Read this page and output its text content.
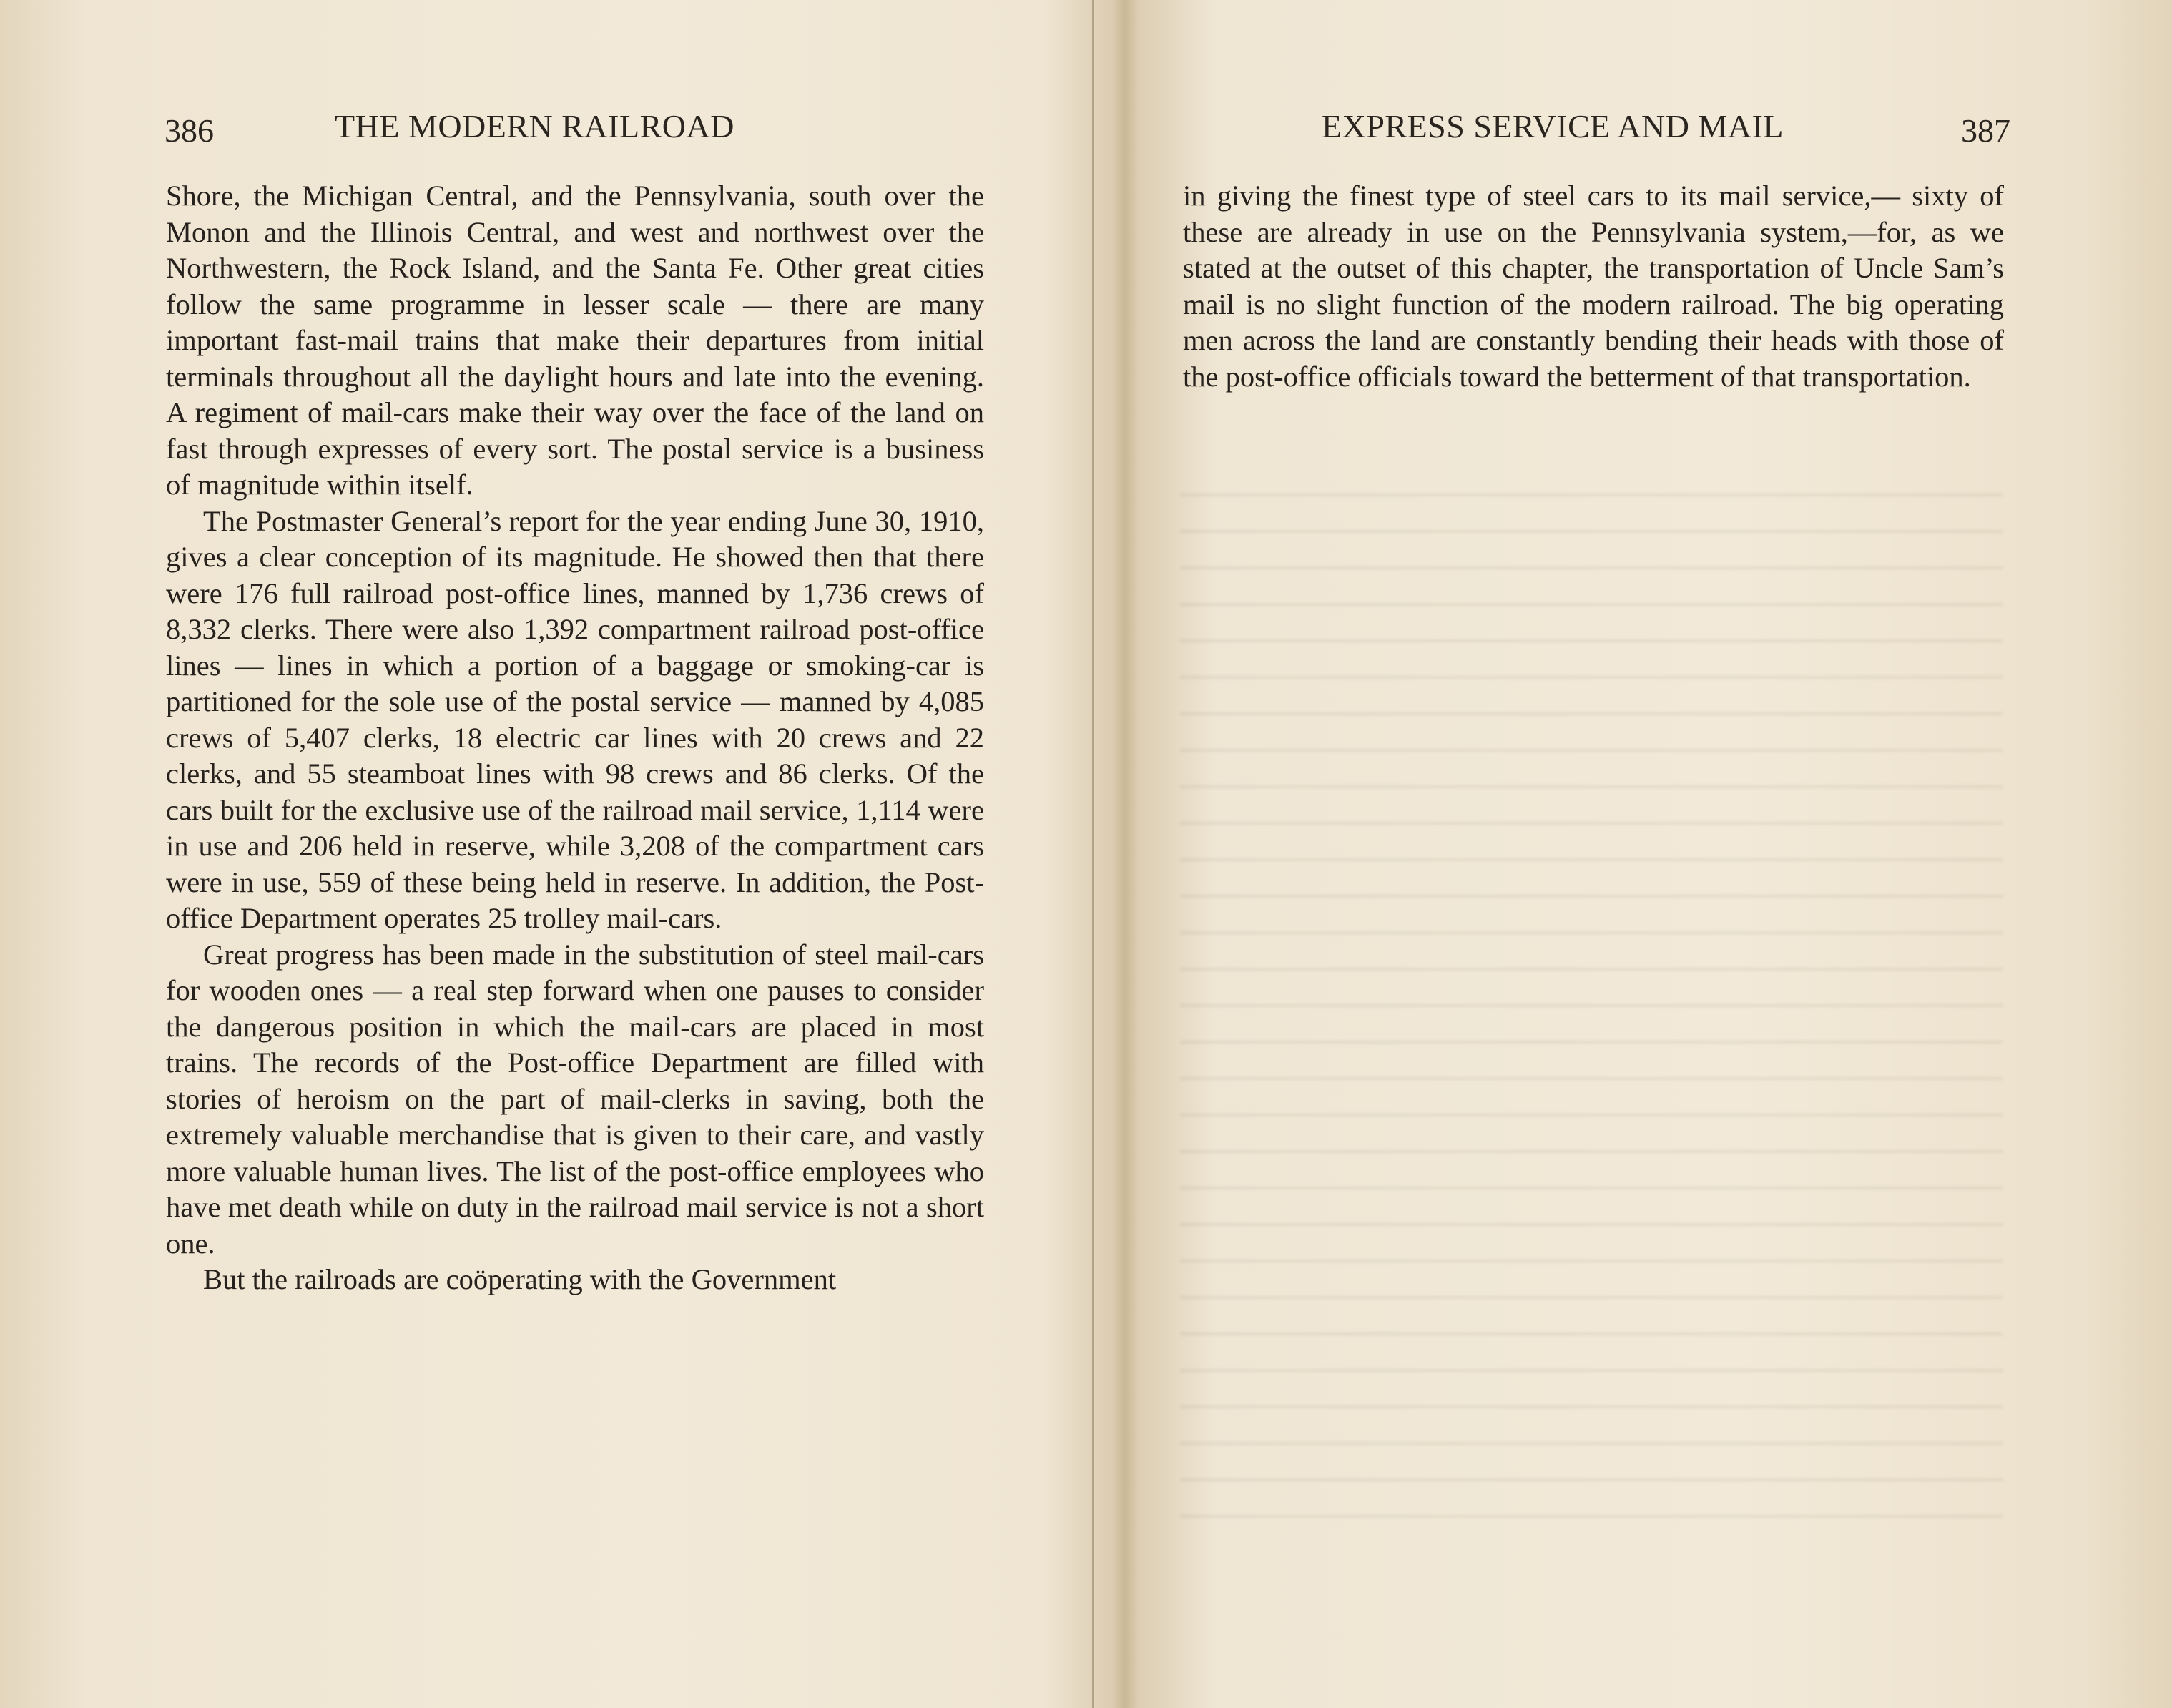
386	THE MODERN RAILROAD

Shore, the Michigan Central, and the Pennsylvania, south over the Monon and the Illinois Central, and west and northwest over the Northwestern, the Rock Island, and the Santa Fe. Other great cities follow the same programme in lesser scale — there are many important fast-mail trains that make their departures from initial terminals throughout all the daylight hours and late into the evening. A regiment of mail-cars make their way over the face of the land on fast through expresses of every sort. The postal service is a business of magnitude within itself.

The Postmaster General’s report for the year ending June 30, 1910, gives a clear conception of its magnitude. He showed then that there were 176 full railroad post-office lines, manned by 1,736 crews of 8,332 clerks. There were also 1,392 compartment railroad post-office lines — lines in which a portion of a baggage or smoking-car is partitioned for the sole use of the postal service — manned by 4,085 crews of 5,407 clerks, 18 electric car lines with 20 crews and 22 clerks, and 55 steamboat lines with 98 crews and 86 clerks. Of the cars built for the exclusive use of the railroad mail service, 1,114 were in use and 206 held in reserve, while 3,208 of the compartment cars were in use, 559 of these being held in reserve. In addition, the Post-office Department operates 25 trolley mail-cars.

Great progress has been made in the substitution of steel mail-cars for wooden ones — a real step forward when one pauses to consider the dangerous position in which the mail-cars are placed in most trains. The records of the Post-office Department are filled with stories of heroism on the part of mail-clerks in saving, both the extremely valuable merchandise that is given to their care, and vastly more valuable human lives. The list of the post-office employees who have met death while on duty in the railroad mail service is not a short one.

But the railroads are coöperating with the Government

EXPRESS SERVICE AND MAIL	387

in giving the finest type of steel cars to its mail service,— sixty of these are already in use on the Pennsylvania system,—for, as we stated at the outset of this chapter, the transportation of Uncle Sam’s mail is no slight function of the modern railroad. The big operating men across the land are constantly bending their heads with those of the post-office officials toward the betterment of that transportation.
